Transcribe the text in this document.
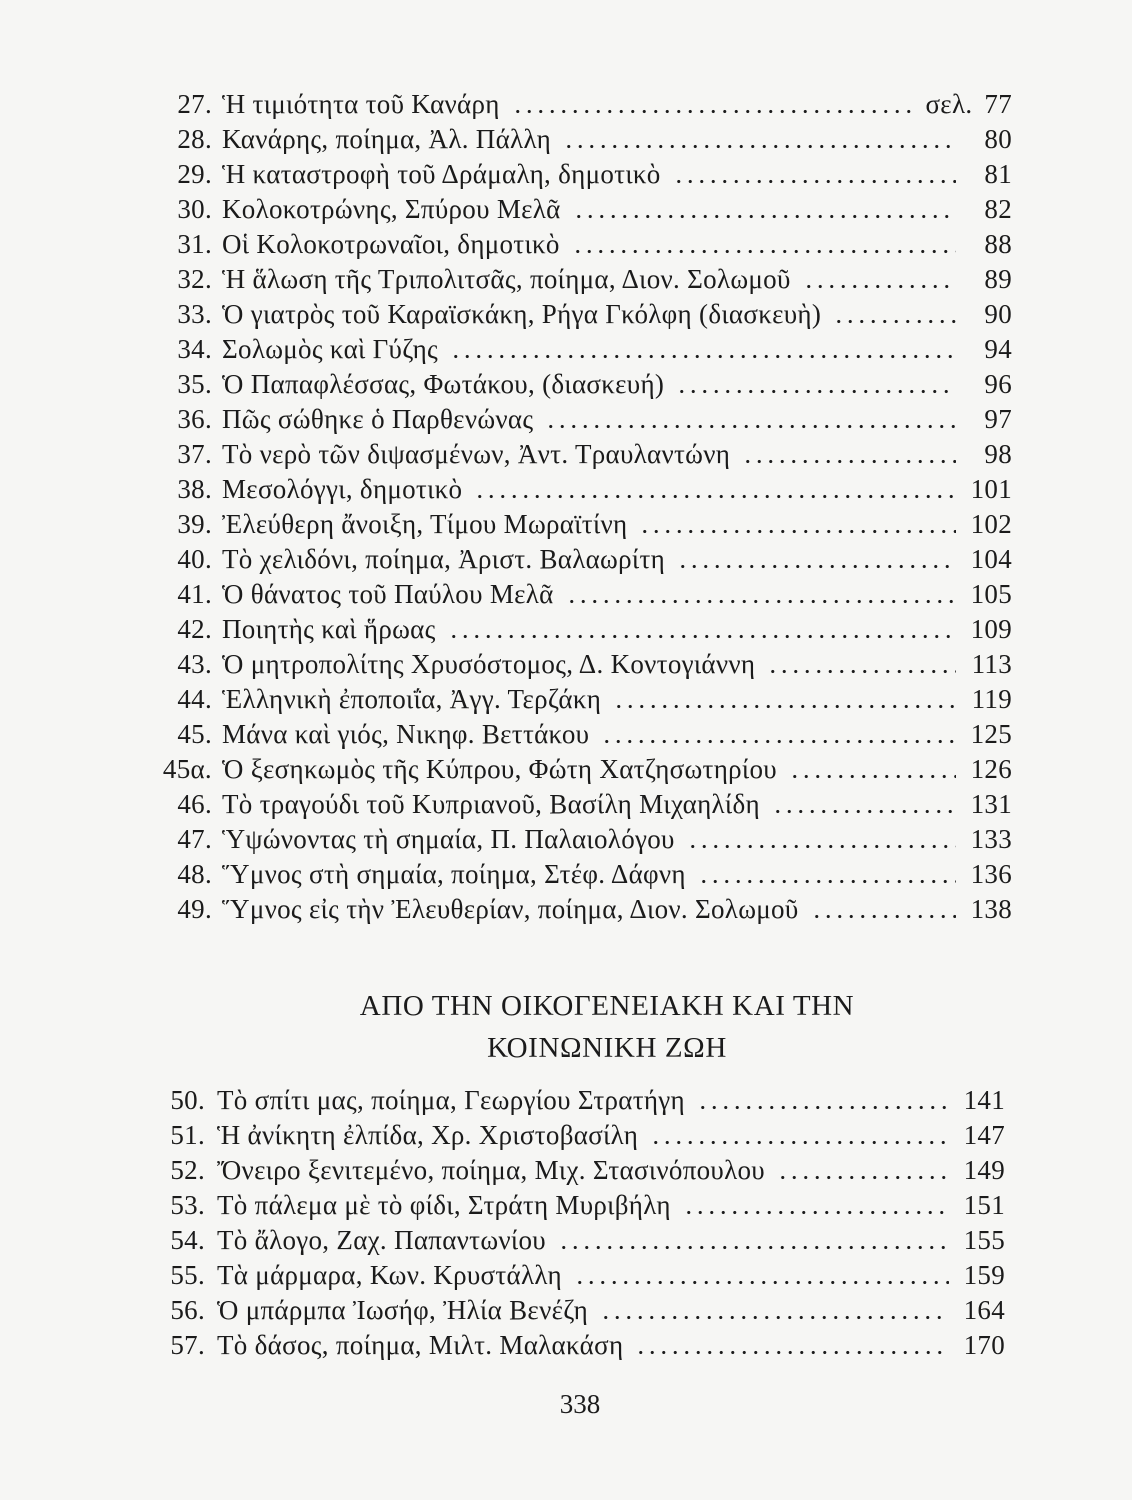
27. Ἡ τιμιότητα τοῦ Κανάρη	σελ. 77
28. Κανάρης, ποίημα, Ἀλ. Πάλλη	80
29. Ἡ καταστροφὴ τοῦ Δράμαλη, δημοτικὸ	81
30. Κολοκοτρώνης, Σπύρου Μελᾶ	82
31. Οἱ Κολοκοτρωναῖοι, δημοτικὸ	88
32. Ἡ ἅλωση τῆς Τριπολιτσᾶς, ποίημα, Διον. Σολωμοῦ	89
33. Ὁ γιατρὸς τοῦ Καραϊσκάκη, Ρήγα Γκόλφη (διασκευὴ)	90
34. Σολωμὸς καὶ Γύζης	94
35. Ὁ Παπαφλέσσας, Φωτάκου, (διασκευή)	96
36. Πῶς σώθηκε ὁ Παρθενώνας	97
37. Τὸ νερὸ τῶν διψασμένων, Ἀντ. Τραυλαντώνη	98
38. Μεσολόγγι, δημοτικὸ	101
39. Ἐλεύθερη ἄνοιξη, Τίμου Μωραϊτίνη	102
40. Τὸ χελιδόνι, ποίημα, Ἀριστ. Βαλαωρίτη	104
41. Ὁ θάνατος τοῦ Παύλου Μελᾶ	105
42. Ποιητὴς καὶ ἥρωας	109
43. Ὁ μητροπολίτης Χρυσόστομος, Δ. Κοντογιάννη	113
44. Ἑλληνικὴ ἐποποιΐα, Ἀγγ. Τερζάκη	119
45. Μάνα καὶ γιός, Νικηφ. Βεττάκου	125
45α. Ὁ ξεσηκωμὸς τῆς Κύπρου, Φώτη Χατζησωτηρίου	126
46. Τὸ τραγούδι τοῦ Κυπριανοῦ, Βασίλη Μιχαηλίδη	131
47. Ὑψώνοντας τὴ σημαία, Π. Παλαιολόγου	133
48. Ὕμνος στὴ σημαία, ποίημα, Στέφ. Δάφνη	136
49. Ὕμνος εἰς τὴν Ἐλευθερίαν, ποίημα, Διον. Σολωμοῦ	138
ΑΠΟ ΤΗΝ ΟΙΚΟΓΕΝΕΙΑΚΗ ΚΑΙ ΤΗΝ
ΚΟΙΝΩΝΙΚΗ ΖΩΗ
50. Τὸ σπίτι μας, ποίημα, Γεωργίου Στρατήγη	141
51. Ἡ ἀνίκητη ἐλπίδα, Χρ. Χριστοβασίλη	147
52. Ὄνειρο ξενιτεμένο, ποίημα, Μιχ. Στασινόπουλου	149
53. Τὸ πάλεμα μὲ τὸ φίδι, Στράτη Μυριβήλη	151
54. Τὸ ἄλογο, Ζαχ. Παπαντωνίου	155
55. Τὰ μάρμαρα, Κων. Κρυστάλλη	159
56. Ὁ μπάρμπα Ἰωσήφ, Ἠλία Βενέζη	164
57. Τὸ δάσος, ποίημα, Μιλτ. Μαλακάση	170
338
